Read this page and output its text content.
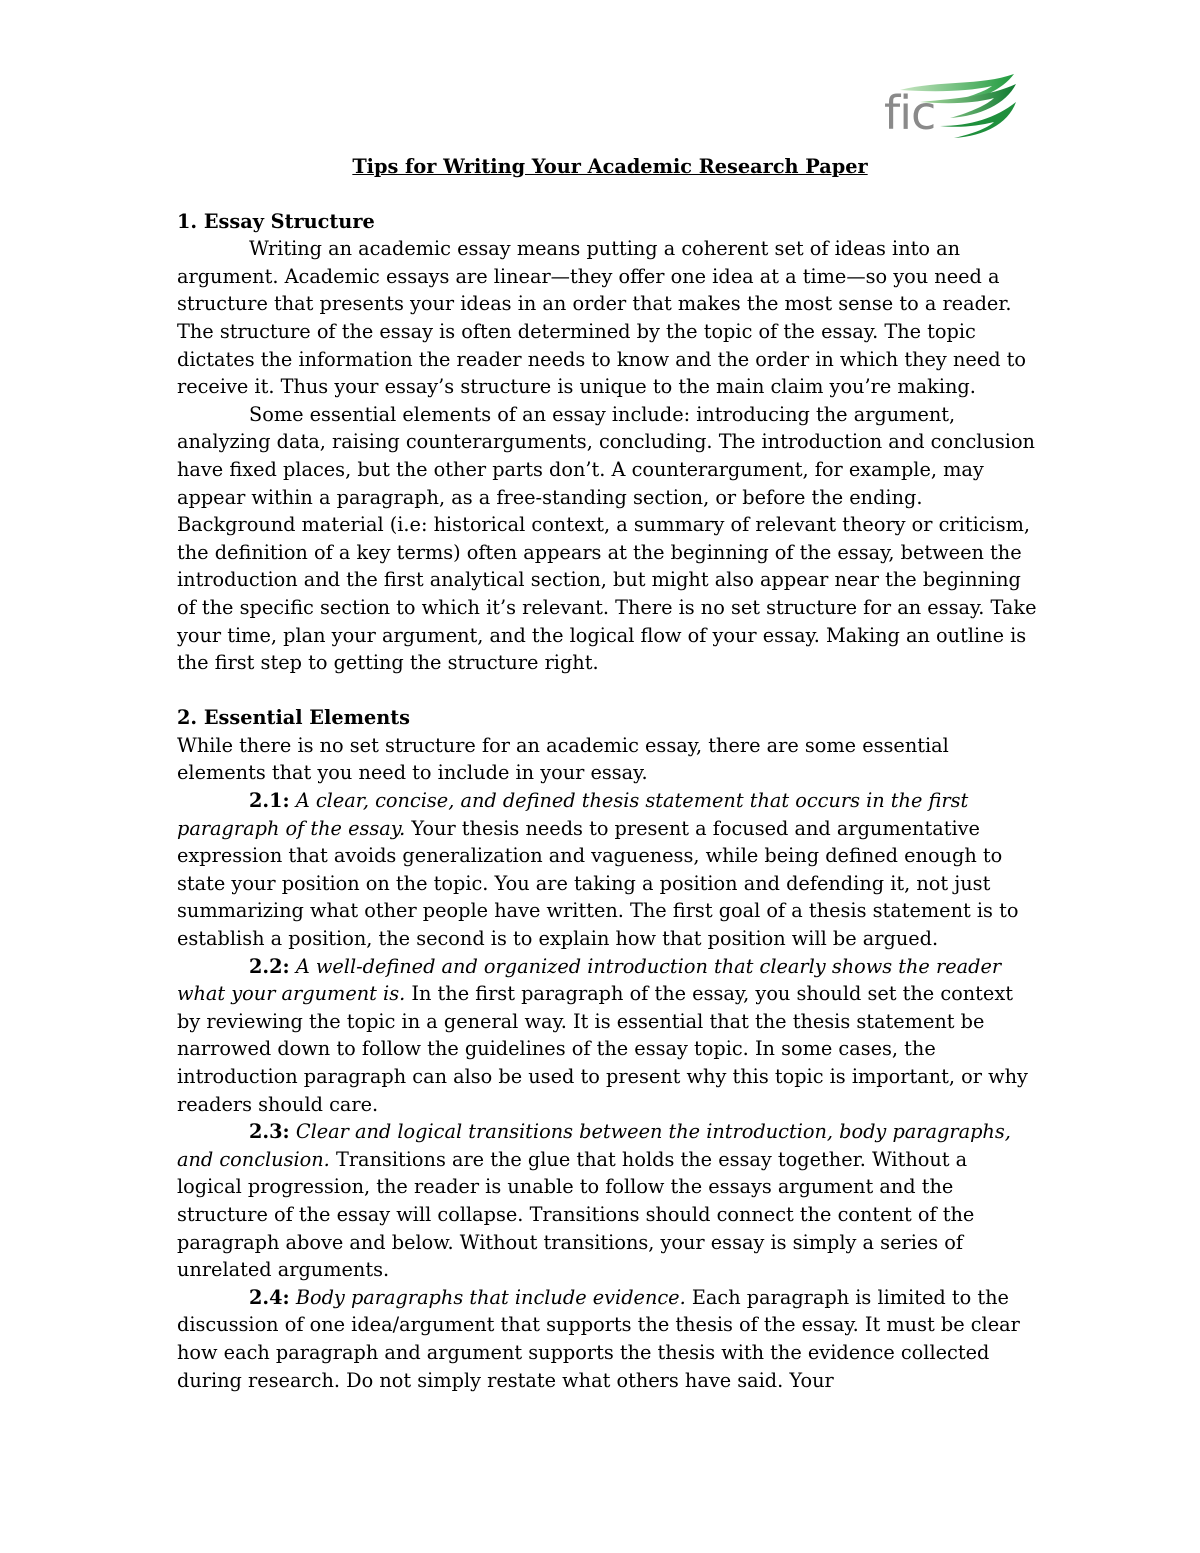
fic

Tips for Writing Your Academic Research Paper

1. Essay Structure

Writing an academic essay means putting a coherent set of ideas into an argument. Academic essays are linear—they offer one idea at a time—so you need a structure that presents your ideas in an order that makes the most sense to a reader. The structure of the essay is often determined by the topic of the essay. The topic dictates the information the reader needs to know and the order in which they need to receive it. Thus your essay’s structure is unique to the main claim you’re making.

Some essential elements of an essay include: introducing the argument, analyzing data, raising counterarguments, concluding. The introduction and conclusion have fixed places, but the other parts don’t. A counterargument, for example, may appear within a paragraph, as a free-standing section, or before the ending. Background material (i.e: historical context, a summary of relevant theory or criticism, the definition of a key terms) often appears at the beginning of the essay, between the introduction and the first analytical section, but might also appear near the beginning of the specific section to which it’s relevant. There is no set structure for an essay. Take your time, plan your argument, and the logical flow of your essay. Making an outline is the first step to getting the structure right.

2. Essential Elements

While there is no set structure for an academic essay, there are some essential elements that you need to include in your essay.

2.1: A clear, concise, and defined thesis statement that occurs in the first paragraph of the essay. Your thesis needs to present a focused and argumentative expression that avoids generalization and vagueness, while being defined enough to state your position on the topic. You are taking a position and defending it, not just summarizing what other people have written. The first goal of a thesis statement is to establish a position, the second is to explain how that position will be argued.

2.2: A well-defined and organized introduction that clearly shows the reader what your argument is. In the first paragraph of the essay, you should set the context by reviewing the topic in a general way. It is essential that the thesis statement be narrowed down to follow the guidelines of the essay topic. In some cases, the introduction paragraph can also be used to present why this topic is important, or why readers should care.

2.3: Clear and logical transitions between the introduction, body paragraphs, and conclusion. Transitions are the glue that holds the essay together. Without a logical progression, the reader is unable to follow the essays argument and the structure of the essay will collapse. Transitions should connect the content of the paragraph above and below. Without transitions, your essay is simply a series of unrelated arguments.

2.4: Body paragraphs that include evidence. Each paragraph is limited to the discussion of one idea/argument that supports the thesis of the essay. It must be clear how each paragraph and argument supports the thesis with the evidence collected during research. Do not simply restate what others have said. Your
